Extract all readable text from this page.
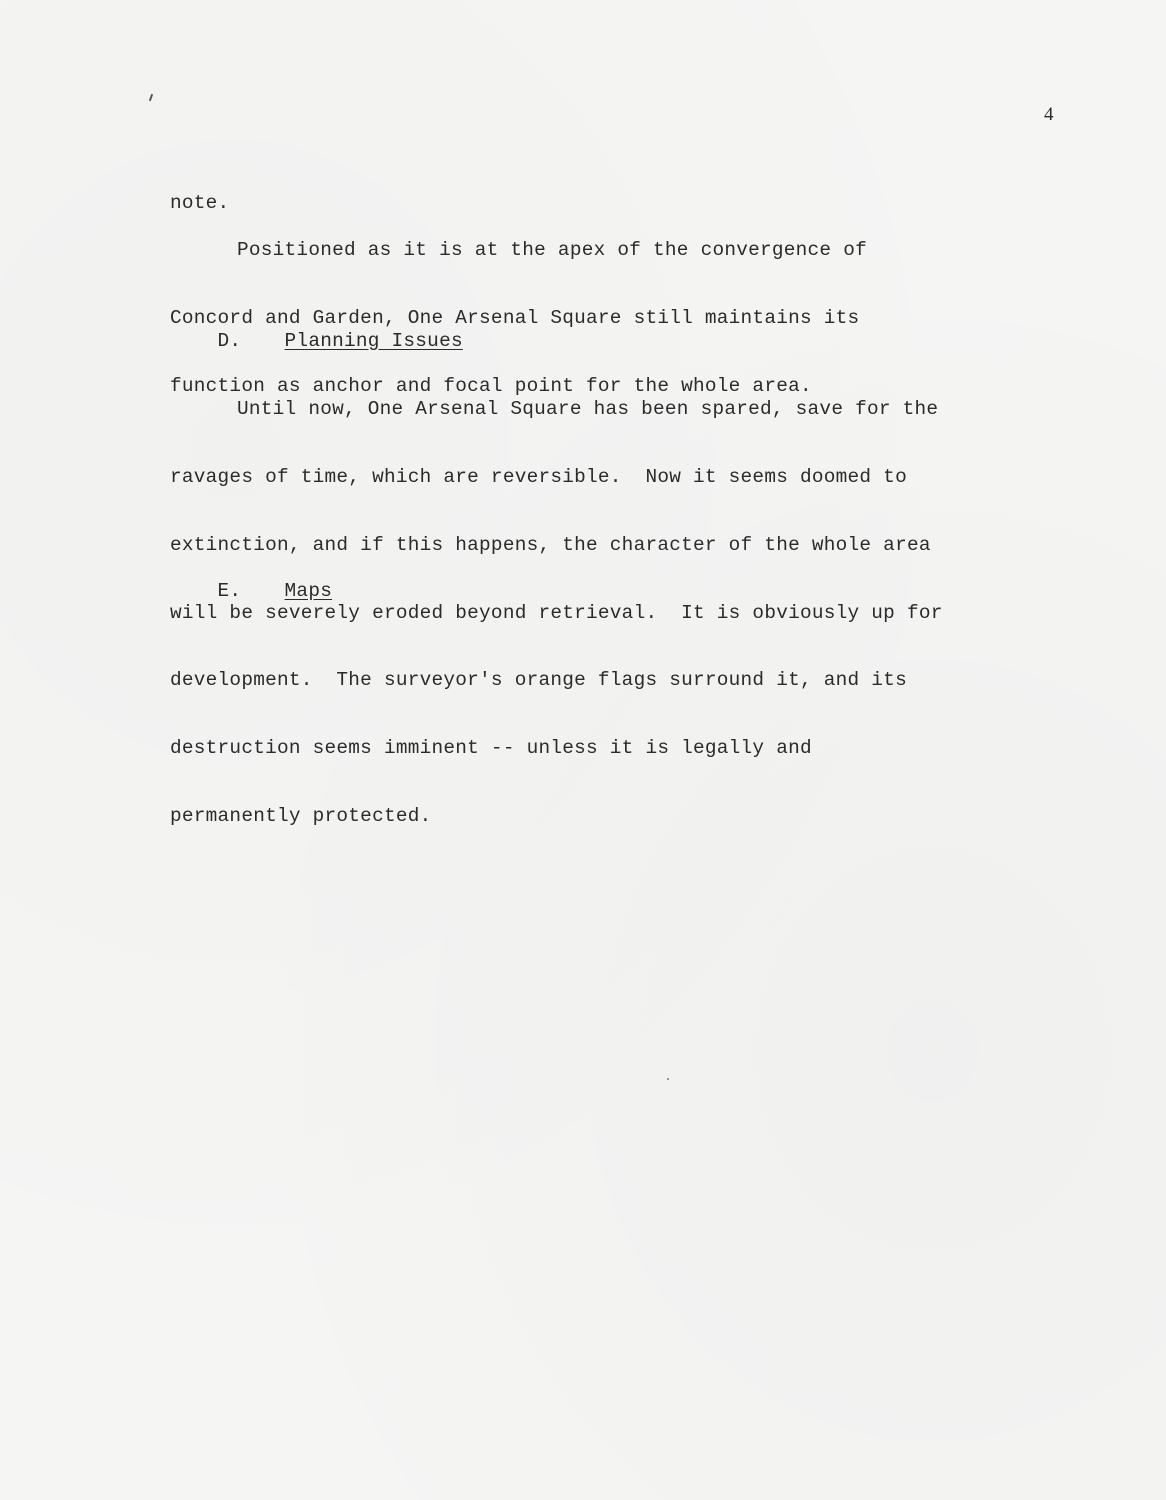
4

note.

Positioned as it is at the apex of the convergence of

Concord and Garden, One Arsenal Square still maintains its

function as anchor and focal point for the whole area.

D. Planning Issues

Until now, One Arsenal Square has been spared, save for the

ravages of time, which are reversible.  Now it seems doomed to

extinction, and if this happens, the character of the whole area

will be severely eroded beyond retrieval.  It is obviously up for

development.  The surveyor's orange flags surround it, and its

destruction seems imminent -- unless it is legally and

permanently protected.

E. Maps
